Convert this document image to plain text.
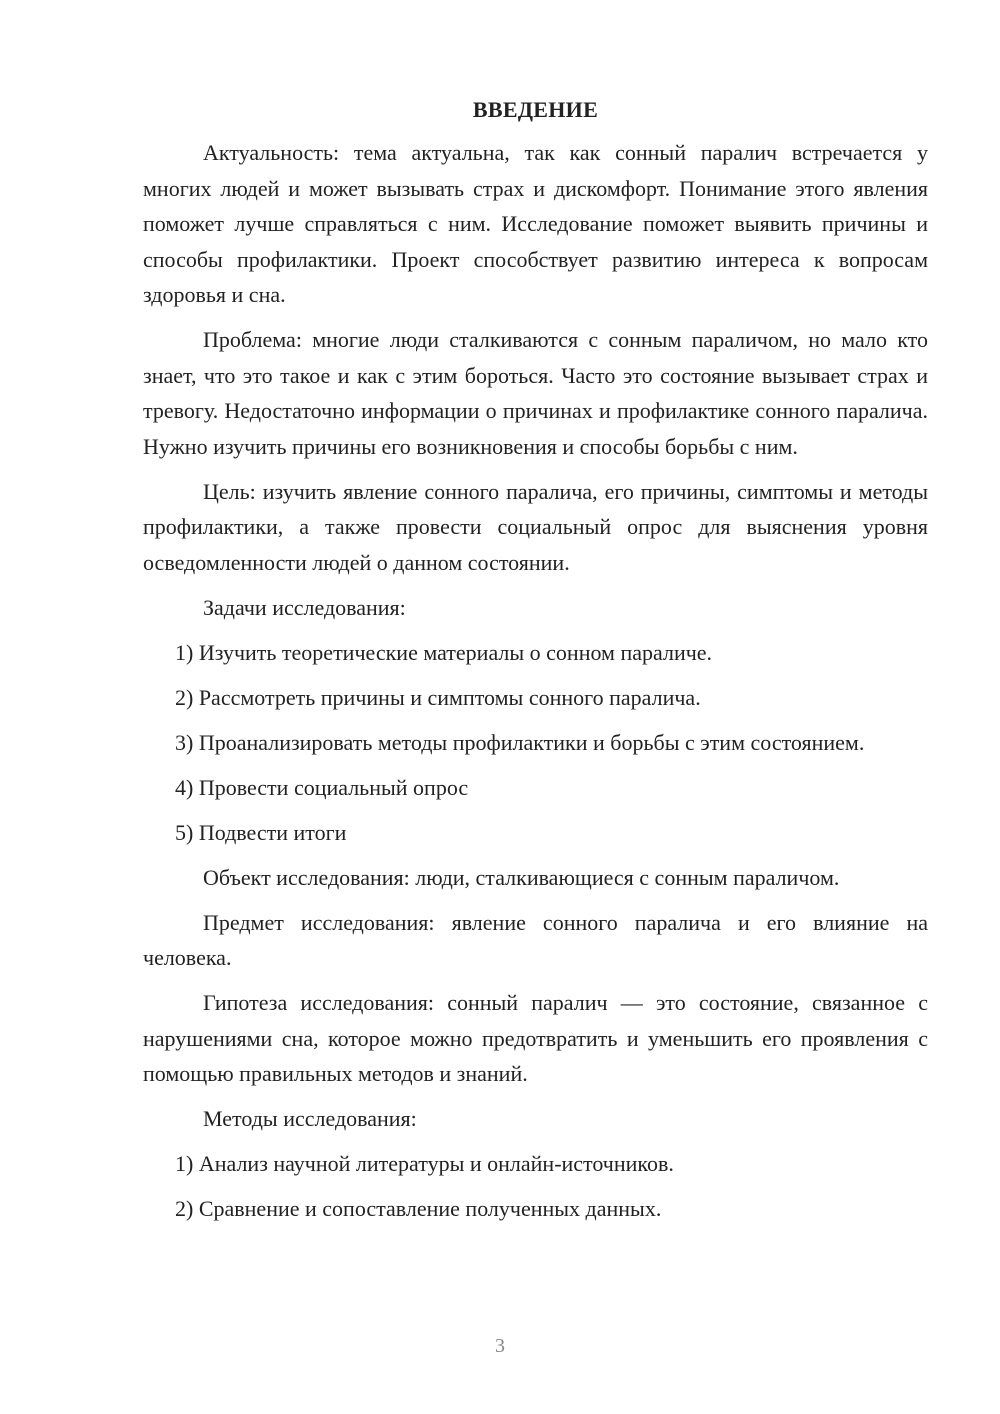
ВВЕДЕНИЕ

Актуальность: тема актуальна, так как сонный паралич встречается у многих людей и может вызывать страх и дискомфорт. Понимание этого явления поможет лучше справляться с ним. Исследование поможет выявить причины и способы профилактики. Проект способствует развитию интереса к вопросам здоровья и сна.

Проблема: многие люди сталкиваются с сонным параличом, но мало кто знает, что это такое и как с этим бороться. Часто это состояние вызывает страх и тревогу. Недостаточно информации о причинах и профилактике сонного паралича. Нужно изучить причины его возникновения и способы борьбы с ним.

Цель: изучить явление сонного паралича, его причины, симптомы и методы профилактики, а также провести социальный опрос для выяснения уровня осведомленности людей о данном состоянии.

Задачи исследования:

1) Изучить теоретические материалы о сонном параличе.

2) Рассмотреть причины и симптомы сонного паралича.

3) Проанализировать методы профилактики и борьбы с этим состоянием.

4) Провести социальный опрос

5) Подвести итоги

Объект исследования: люди, сталкивающиеся с сонным параличом.

Предмет исследования: явление сонного паралича и его влияние на человека.

Гипотеза исследования: сонный паралич — это состояние, связанное с нарушениями сна, которое можно предотвратить и уменьшить его проявления с помощью правильных методов и знаний.

Методы исследования:

1) Анализ научной литературы и онлайн-источников.

2) Сравнение и сопоставление полученных данных.

3
